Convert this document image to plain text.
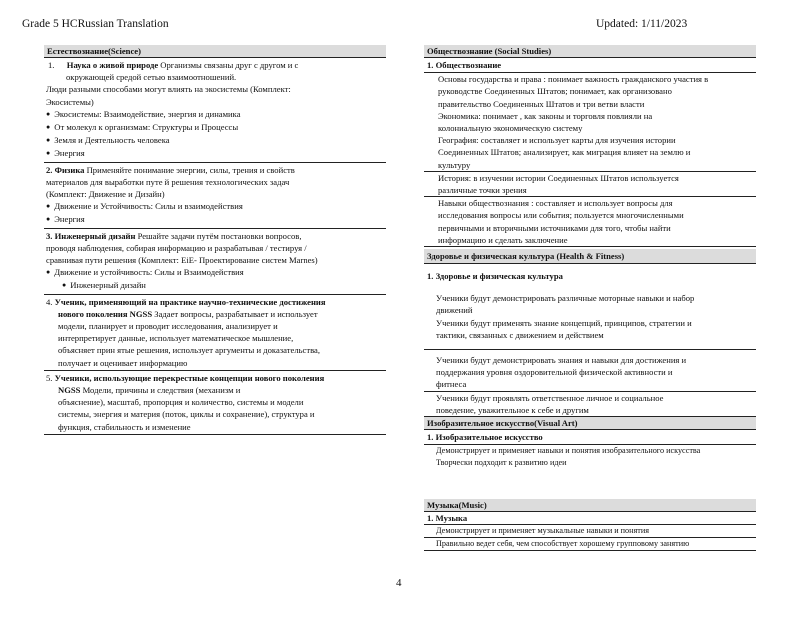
Grade 5 HCRussian Translation	Updated: 1/11/2023
Естествознание(Science)
1. Наука о живой природе Организмы связаны друг с другом и с
окружающей средой сетью взаимоотношений.
Люди разными способами могут влиять на экосистемы (Комплект:
Экосистемы)
● Экосистемы: Взаимодействие, энергия и динамика
● От молекул к организмам: Структуры и Процессы
● Земля и Деятельность человека
● Энергия
2. Физика Применяйте понимание энергии, силы, трения и свойств
материалов для выработки путе й решения технологических задач
(Комплект: Движение и Дизайн)
● Движение и Устойчивость: Силы и взаимодействия
● Энергия
3. Инженерный дизайн Решайте задачи путём постановки вопросов,
проводя наблюдения, собирая информацию и разрабатывая / тестируя /
сравнивая пути решения (Комплект: EiE- Проектирование систем Marnes)
● Движение и устойчивость: Силы и Взаимодействия
● Инженерный дизайн
4. Ученик, применяющий на практике научнo-технические достижения
нового поколения NGSS Задает вопросы, разрабатывает и использует
модели, планирует и проводит исследования, анализирует и
интерпретирует данные, использует математическое мышление,
объясняет прин ятые решения, использует аргументы и доказательства,
получает и оценивает информацию
5. Ученики, использующие перекрестные концепции нового поколения
NGSS Модели, причины и следствия (механизм и
объяснение), масштаб, пропорция и количество, системы и модели
системы, энергия и материя (поток, циклы и сохранение), структура и
функция, стабильность и изменение
Обществознание (Social Studies)
1. Обществознание
Основы государства и права : понимает важность гражданского участия в
руководстве Соединенных Штатов; понимает, как организовано
правительство Соединенных Штатов и три ветви власти
Экономика: понимает , как законы и торговля повлияли на
колониальную экономическую систему
География: составляет и использует карты для изучения истории
Соединенных Штатов; анализирует, как миграция влияет на землю и
культуру
История: в изучении истории Соединенных Штатов используется
различные точки зрения
Навыки обществознания : составляет и использует вопросы для
исследования вопросы или события; пользуется многочисленными
первичными и вторичными источниками для того, чтобы найти
информацию и сделать заключение
Здоровье и физическая культура (Health & Fitness)
1. Здоровье и физическая культура
Ученики будут демонстрировать различные моторные навыки и набор
движений
Ученики будут применять знание концепций, принципов, стратегии и
тактики, связанных с движением и действием
Ученики будут демонстрировать знания и навыки для достижения и
поддержания уровня оздоровительной физической активности и
фитнеса
Ученики будут проявлять ответственное личное и социальное
поведение, уважительное к себе и другим
Изобразительное искусство(Visual Art)
1. Изобразительное искусство
Демонстрирует и применяет навыки и понятия изобразительного искусства
Творчески подходит к развитию идеи
Музыка(Music)
1. Музыка
Демонстрирует и применяет музыкальные навыки и понятия
Правильно ведет себя, чем способствует хорошему групповому занятию
4
